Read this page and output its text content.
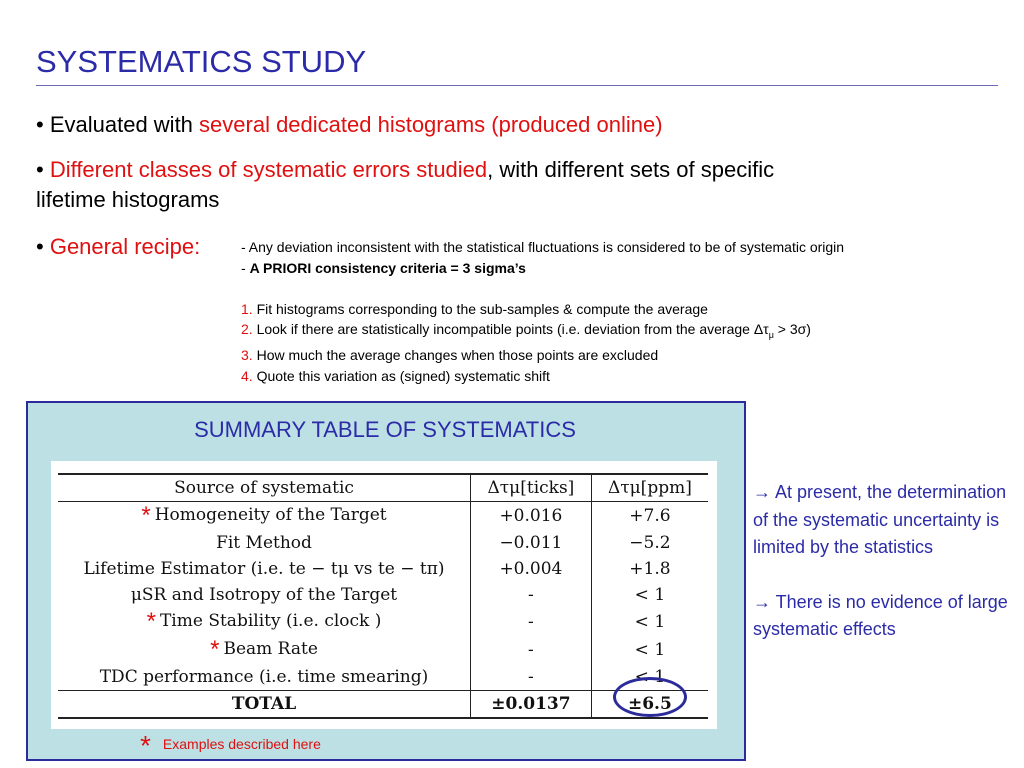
SYSTEMATICS STUDY
• Evaluated with several dedicated histograms (produced online)
• Different classes of systematic errors studied, with different sets of specific
lifetime histograms
• General recipe:	- Any deviation inconsistent with the statistical fluctuations is considered to be of systematic origin
- A PRIORI consistency criteria = 3 sigma’s
1. Fit histograms corresponding to the sub-samples & compute the average
2. Look if there are statistically incompatible points (i.e. deviation from the average $\Delta\tau_\mu > 3\sigma$)
3. How much the average changes when those points are excluded
4. Quote this variation as (signed) systematic shift
SUMMARY TABLE OF SYSTEMATICS
Source of systematic	Δτμ[ticks]	Δτμ[ppm]
* Homogeneity of the Target	+0.016	+7.6
Fit Method	−0.011	−5.2
Lifetime Estimator (i.e. te − tμ vs te − tπ)	+0.004	+1.8
μSR and Isotropy of the Target	-	< 1
* Time Stability (i.e. clock )	-	< 1
* Beam Rate	-	< 1
TDC performance (i.e. time smearing)	-	< 1
TOTAL	±0.0137	±6.5
* Examples described here

→ At present, the determination of the systematic uncertainty is limited by the statistics

→ There is no evidence of large systematic effects
